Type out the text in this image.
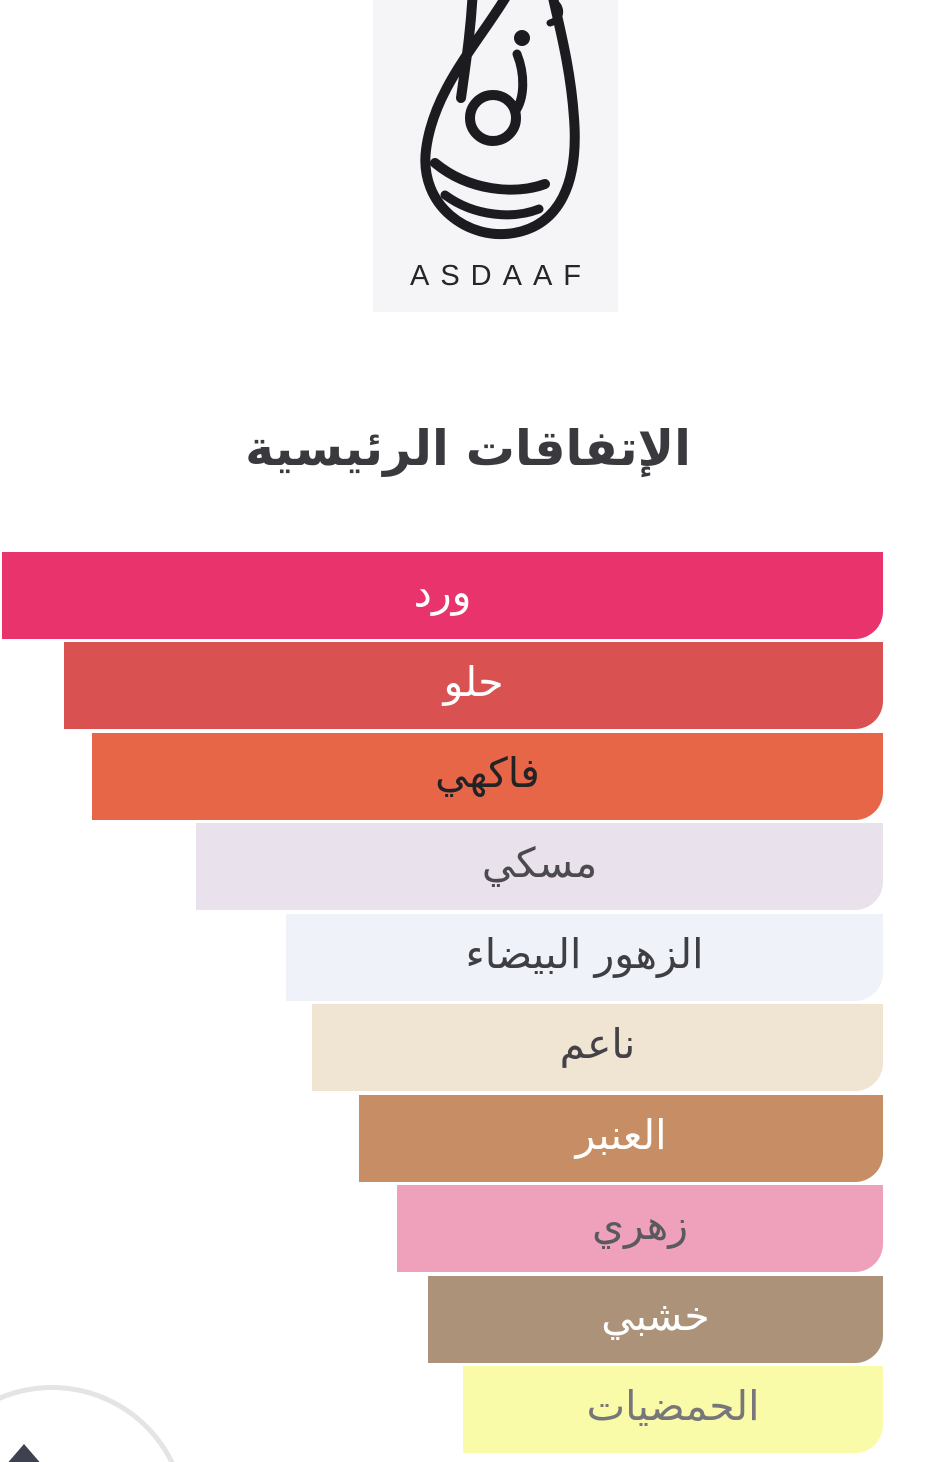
ASDAAF
الإتفاقات الرئيسية
ورد
حلو
فاكهي
مسكي
الزهور البيضاء
ناعم
العنبر
زهري
خشبي
الحمضيات
